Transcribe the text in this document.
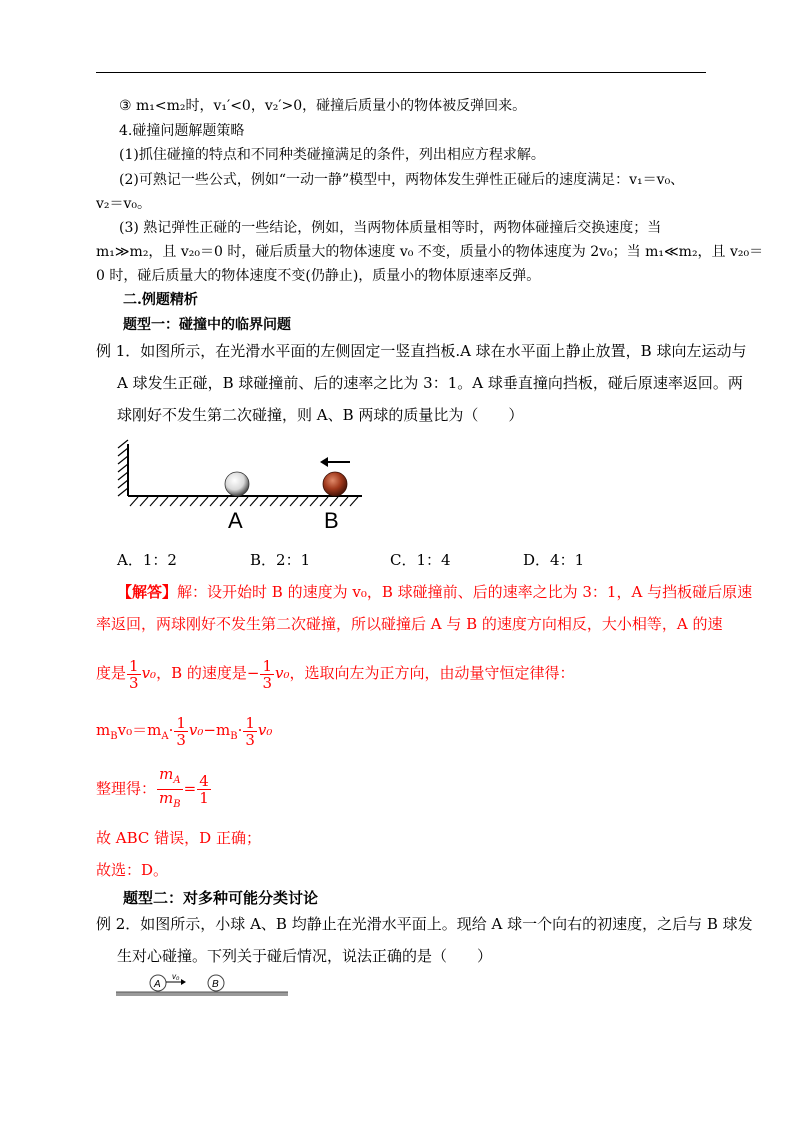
③ m₁<m₂时，v₁′<0，v₂′>0，碰撞后质量小的物体被反弹回来。
4.碰撞问题解题策略
(1)抓住碰撞的特点和不同种类碰撞满足的条件，列出相应方程求解。
(2)可熟记一些公式，例如“一动一静”模型中，两物体发生弹性正碰后的速度满足：v₁＝v₀、
v₂＝v₀。
(3) 熟记弹性正碰的一些结论，例如，当两物体质量相等时，两物体碰撞后交换速度；当
m₁≫m₂，且 v₂₀＝0 时，碰后质量大的物体速度 v₀ 不变，质量小的物体速度为 2v₀；当 m₁≪m₂，且 v₂₀＝
0 时，碰后质量大的物体速度不变(仍静止)，质量小的物体原速率反弹。
二.例题精析
题型一：碰撞中的临界问题
例 1．如图所示，在光滑水平面的左侧固定一竖直挡板.A 球在水平面上静止放置，B 球向左运动与
A 球发生正碰，B 球碰撞前、后的速率之比为 3：1。A 球垂直撞向挡板，碰后原速率返回。两
球刚好不发生第二次碰撞，则 A、B 两球的质量比为（　　）
A	B
A．1：2	B．2：1	C．1：4	D．4：1
【解答】解：设开始时 B 的速度为 v₀，B 球碰撞前、后的速率之比为 3：1，A 与挡板碰后原速
率返回，两球刚好不发生第二次碰撞，所以碰撞后 A 与 B 的速度方向相反，大小相等，A 的速
度是 $\frac{1}{3} v_0$，B 的速度是− $\frac{1}{3} v_0$，选取向左为正方向，由动量守恒定律得：
$m_Bv_0=m_A\cdot \frac{1}{3} v_0-m_B\cdot \frac{1}{3} v_0$
整理得： $\frac{m_A}{m_B} = \frac{4}{1}$
故 ABC 错误，D 正确；
故选：D。
题型二：对多种可能分类讨论
例 2．如图所示，小球 A、B 均静止在光滑水平面上。现给 A 球一个向右的初速度，之后与 B 球发
生对心碰撞。下列关于碰后情况，说法正确的是（　　）
A
v₀
B
